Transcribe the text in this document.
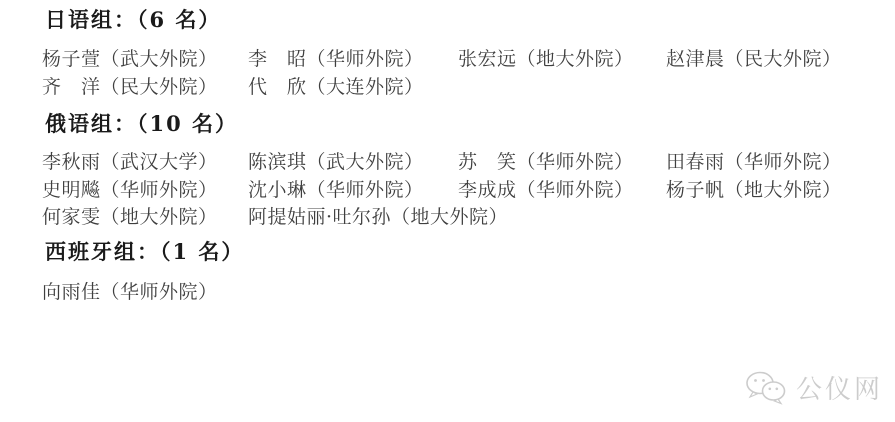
日语组：（6 名）
杨子萱（武大外院） 李　昭（华师外院） 张宏远（地大外院） 赵津晨（民大外院）
齐　洋（民大外院） 代　欣（大连外院）
俄语组：（10 名）
李秋雨（武汉大学） 陈滨琪（武大外院） 苏　笑（华师外院） 田春雨（华师外院）
史明飚（华师外院） 沈小琳（华师外院） 李成成（华师外院） 杨子帆（地大外院）
何家雯（地大外院） 阿提姑丽·吐尔孙（地大外院）
西班牙组：（1 名）
向雨佳（华师外院）
公仪网
